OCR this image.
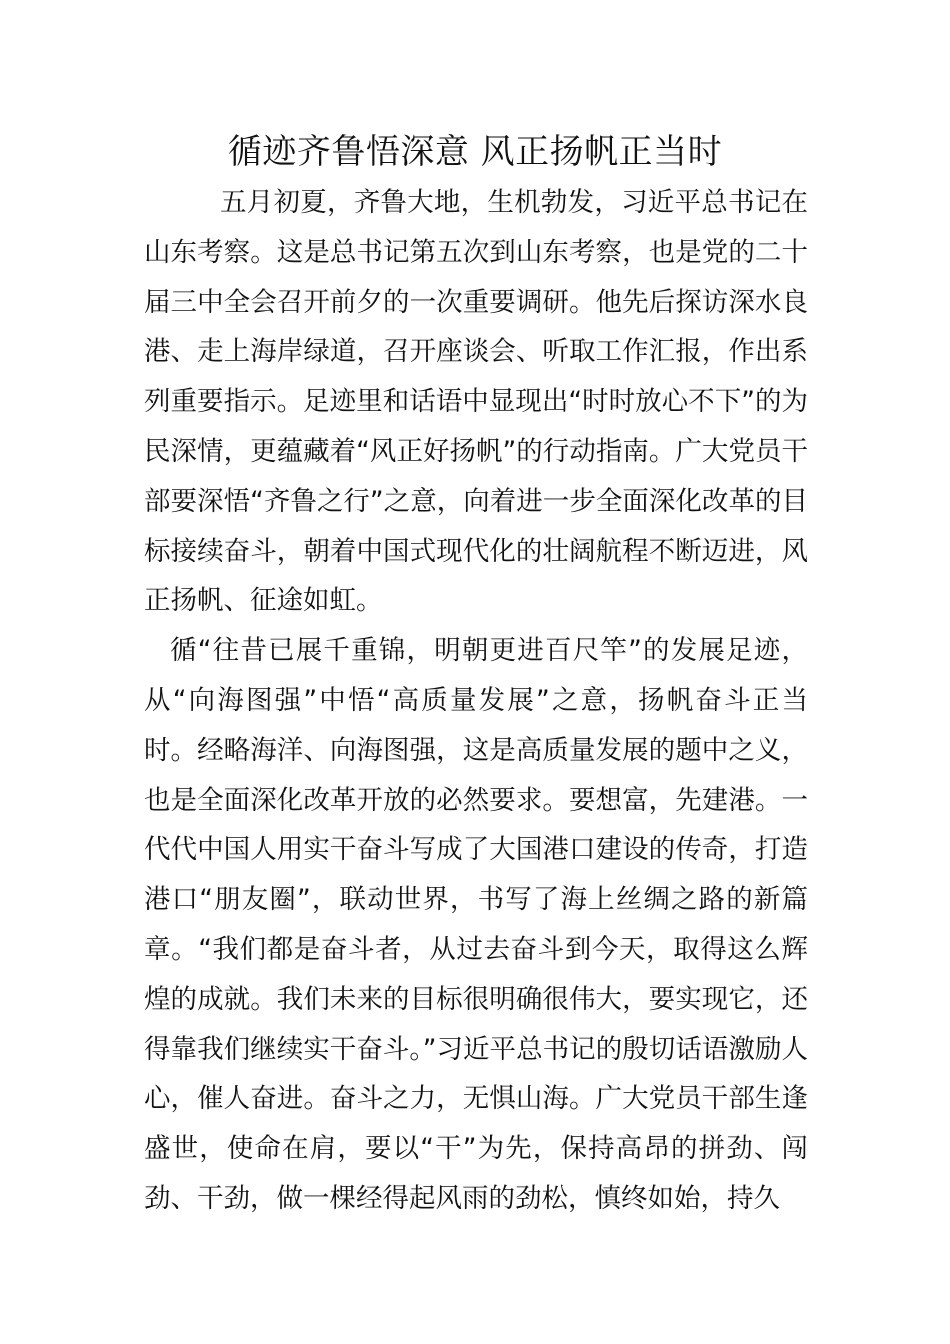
循迹齐鲁悟深意 风正扬帆正当时

五月初夏，齐鲁大地，生机勃发，习近平总书记在山东考察。这是总书记第五次到山东考察，也是党的二十届三中全会召开前夕的一次重要调研。他先后探访深水良港、走上海岸绿道，召开座谈会、听取工作汇报，作出系列重要指示。足迹里和话语中显现出“时时放心不下”的为民深情，更蕴藏着“风正好扬帆”的行动指南。广大党员干部要深悟“齐鲁之行”之意，向着进一步全面深化改革的目标接续奋斗，朝着中国式现代化的壮阔航程不断迈进，风正扬帆、征途如虹。

循“往昔已展千重锦，明朝更进百尺竿”的发展足迹，从“向海图强”中悟“高质量发展”之意，扬帆奋斗正当时。经略海洋、向海图强，这是高质量发展的题中之义，也是全面深化改革开放的必然要求。要想富，先建港。一代代中国人用实干奋斗写成了大国港口建设的传奇，打造港口“朋友圈”，联动世界，书写了海上丝绸之路的新篇章。“我们都是奋斗者，从过去奋斗到今天，取得这么辉煌的成就。我们未来的目标很明确很伟大，要实现它，还得靠我们继续实干奋斗。”习近平总书记的殷切话语激励人心，催人奋进。奋斗之力，无惧山海。广大党员干部生逢盛世，使命在肩，要以“干”为先，保持高昂的拼劲、闯劲、干劲，做一棵经得起风雨的劲松，慎终如始，持久
